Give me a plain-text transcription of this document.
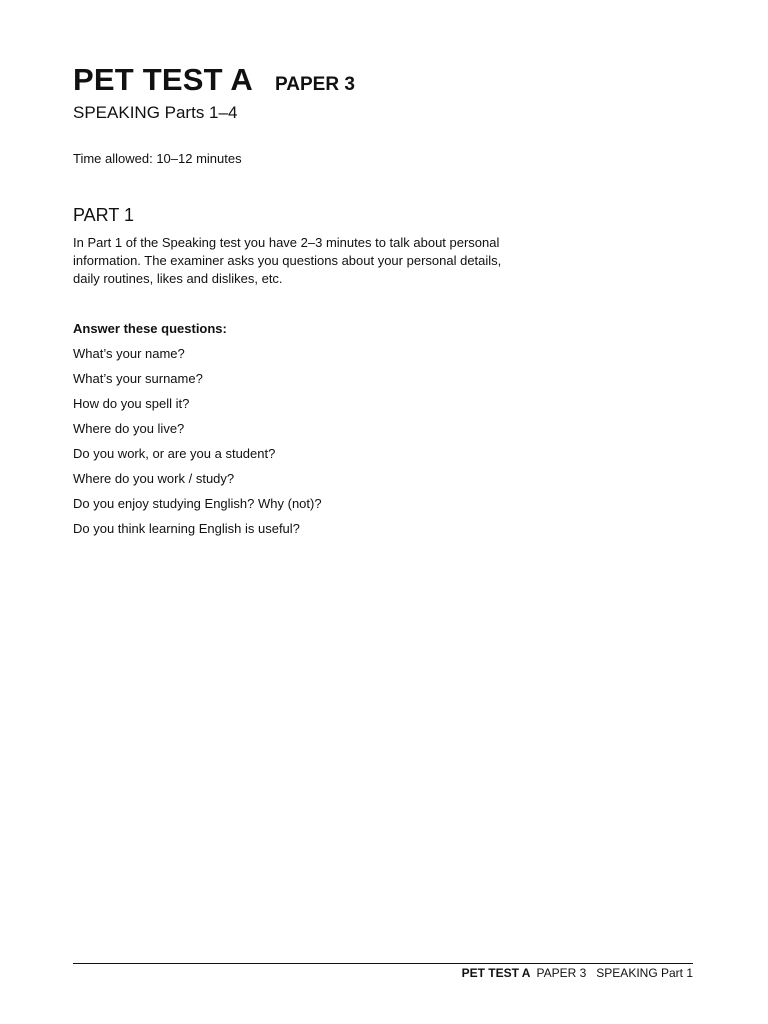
PET TEST A PAPER 3
SPEAKING Parts 1–4
Time allowed: 10–12 minutes
PART 1
In Part 1 of the Speaking test you have 2–3 minutes to talk about personal
information. The examiner asks you questions about your personal details,
daily routines, likes and dislikes, etc.
Answer these questions:
What’s your name?
What’s your surname?
How do you spell it?
Where do you live?
Do you work, or are you a student?
Where do you work / study?
Do you enjoy studying English? Why (not)?
Do you think learning English is useful?
PET TEST A PAPER 3 SPEAKING Part 1
